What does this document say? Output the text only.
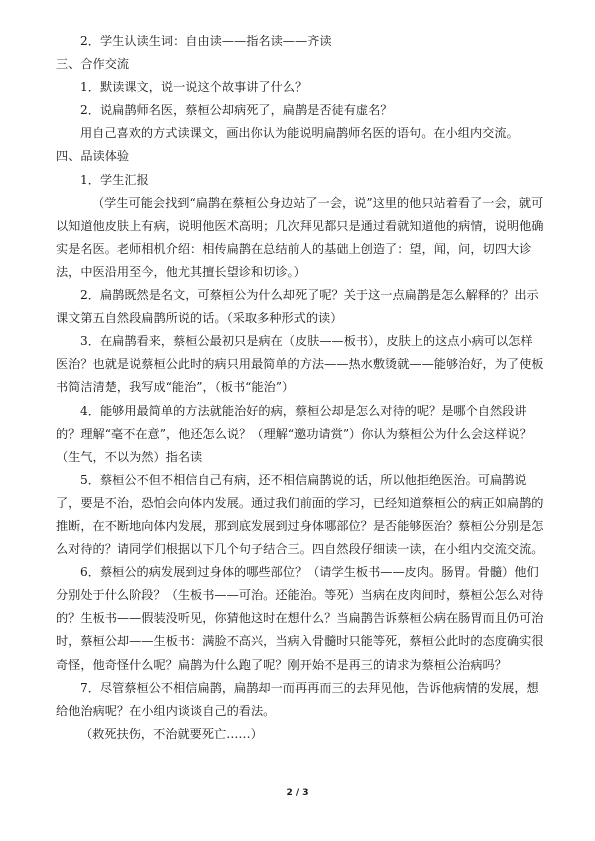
2．学生认读生词：自由读——指名读——齐读

三、合作交流

1．默读课文，说一说这个故事讲了什么？

2．说扁鹊师名医，蔡桓公却病死了，扁鹊是否徒有虚名？

用自己喜欢的方式读课文，画出你认为能说明扁鹊师名医的语句。在小组内交流。

四、品读体验

1．学生汇报

（学生可能会找到“扁鹊在蔡桓公身边站了一会，说”这里的他只站着看了一会，就可以知道他皮肤上有病，说明他医术高明；几次拜见都只是通过看就知道他的病情，说明他确实是名医。老师相机介绍：相传扁鹊在总结前人的基础上创造了：望，闻，问，切四大诊法，中医沿用至今，他尤其擅长望诊和切诊。）

2．扁鹊既然是名文，可蔡桓公为什么却死了呢？关于这一点扁鹊是怎么解释的？出示课文第五自然段扁鹊所说的话。（采取多种形式的读）

3．在扁鹊看来，蔡桓公最初只是病在（皮肤——板书），皮肤上的这点小病可以怎样医治？也就是说蔡桓公此时的病只用最简单的方法——热水敷烫就——能够治好，为了使板书简洁清楚，我写成“能治”，（板书“能治”）

4．能够用最简单的方法就能治好的病，蔡桓公却是怎么对待的呢？是哪个自然段讲的？理解“毫不在意”，他还怎么说？（理解“邀功请赏”）你认为蔡桓公为什么会这样说？（生气，不以为然）指名读

5．蔡桓公不但不相信自己有病，还不相信扁鹊说的话，所以他拒绝医治。可扁鹊说了，要是不治，恐怕会向体内发展。通过我们前面的学习，已经知道蔡桓公的病正如扁鹊的推断，在不断地向体内发展，那到底发展到过身体哪部位？是否能够医治？蔡桓公分别是怎么对待的？请同学们根据以下几个句子结合三。四自然段仔细读一读，在小组内交流交流。

6．蔡桓公的病发展到过身体的哪些部位？（请学生板书——皮肉。肠胃。骨髓）他们分别处于什么阶段？（生板书——可治。还能治。等死）当病在皮肉间时，蔡桓公怎么对待的？生板书——假装没听见，你猜他这时在想什么？当扁鹊告诉蔡桓公病在肠胃而且仍可治时，蔡桓公却——生板书：满脸不高兴，当病入骨髓时只能等死，蔡桓公此时的态度确实很奇怪，他奇怪什么呢？扁鹊为什么跑了呢？刚开始不是再三的请求为蔡桓公治病吗？

7．尽管蔡桓公不相信扁鹊，扁鹊却一而再再而三的去拜见他，告诉他病情的发展，想给他治病呢？在小组内谈谈自己的看法。

（救死扶伤，不治就要死亡……）

2 / 3
